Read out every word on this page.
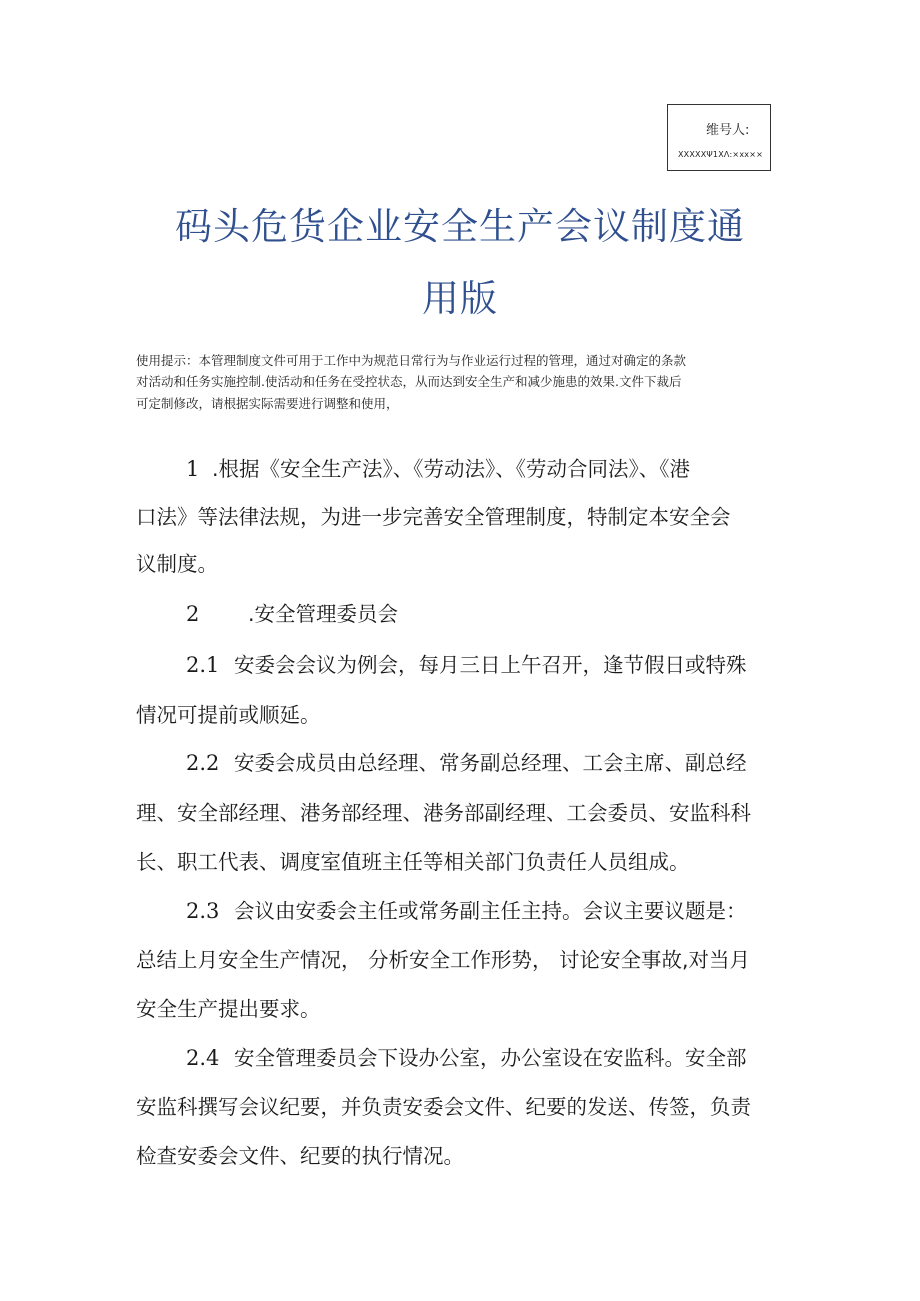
维号人:
XXXXXΨ1XΛ:×xx××
码头危货企业安全生产会议制度通
用版
使用提示：本管理制度文件可用于工作中为规范日常行为与作业运行过程的管理，通过对确定的条款
对活动和任务实施控制.使活动和任务在受控状态，从而达到安全生产和减少施患的效果.文件下裁后
可定制修改，请根据实际需要进行调整和使用，
1 .根据《安全生产法》、《劳动法》、《劳动合同法》、《港
口法》等法律法规，为进一步完善安全管理制度，特制定本安全会
议制度。
2 .安全管理委员会
2.1 安委会会议为例会，每月三日上午召开，逢节假日或特殊
情况可提前或顺延。
2.2 安委会成员由总经理、常务副总经理、工会主席、副总经
理、安全部经理、港务部经理、港务部副经理、工会委员、安监科科
长、职工代表、调度室值班主任等相关部门负责任人员组成。
2.3 会议由安委会主任或常务副主任主持。会议主要议题是：
总结上月安全生产情况， 分析安全工作形势， 讨论安全事故,对当月
安全生产提出要求。
2.4 安全管理委员会下设办公室，办公室设在安监科。安全部
安监科撰写会议纪要，并负责安委会文件、纪要的发送、传签，负责
检查安委会文件、纪要的执行情况。
